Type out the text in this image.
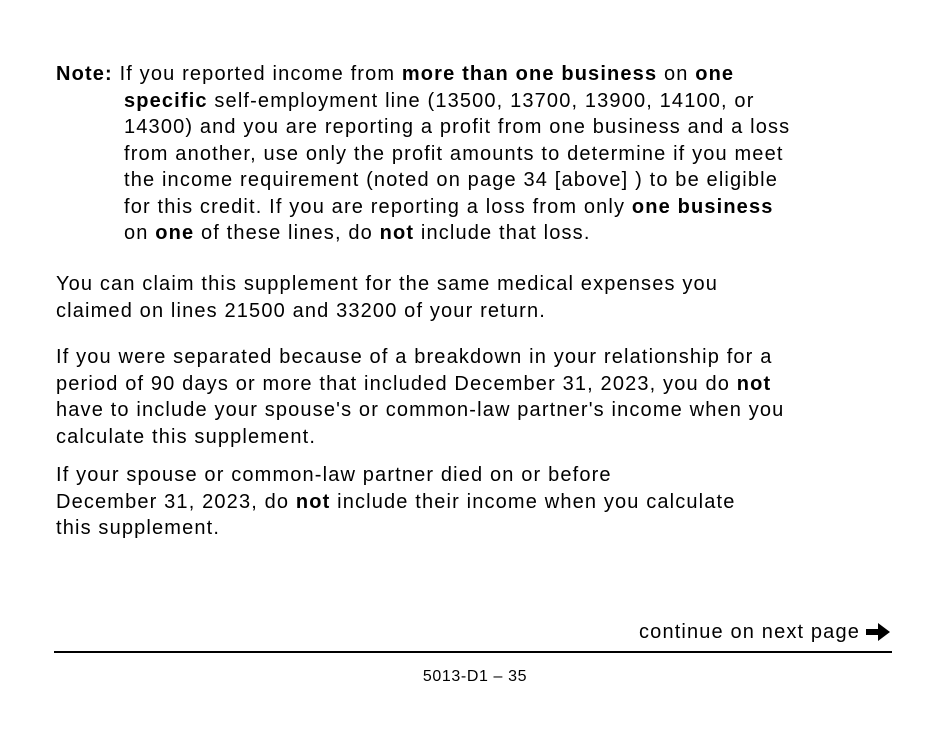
Note: If you reported income from more than one business on one
specific self-employment line (13500, 13700, 13900, 14100, or
14300) and you are reporting a profit from one business and a loss
from another, use only the profit amounts to determine if you meet
the income requirement (noted on page 34 [above] ) to be eligible
for this credit. If you are reporting a loss from only one business
on one of these lines, do not include that loss.
You can claim this supplement for the same medical expenses you
claimed on lines 21500 and 33200 of your return.
If you were separated because of a breakdown in your relationship for a
period of 90 days or more that included December 31, 2023, you do not
have to include your spouse's or common-law partner's income when you
calculate this supplement.
If your spouse or common-law partner died on or before
December 31, 2023, do not include their income when you calculate
this supplement.
continue on next page
5013-D1 – 35
